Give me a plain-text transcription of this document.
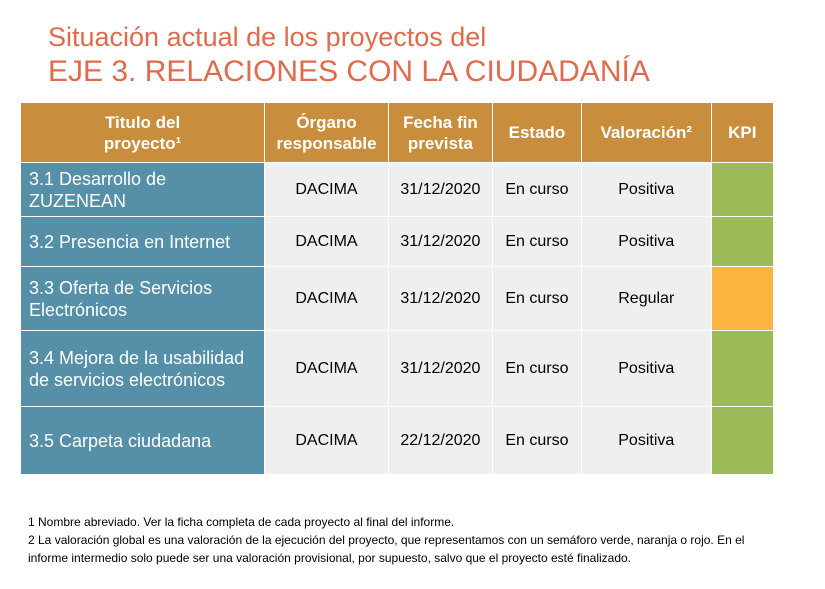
Situación actual de los proyectos del
EJE 3. RELACIONES CON LA CIUDADANÍA
Titulo del proyecto¹	Órgano responsable	Fecha fin prevista	Estado	Valoración²	KPI
3.1 Desarrollo de ZUZENEAN	DACIMA	31/12/2020	En curso	Positiva	
3.2 Presencia en Internet	DACIMA	31/12/2020	En curso	Positiva	
3.3 Oferta de Servicios Electrónicos	DACIMA	31/12/2020	En curso	Regular	
3.4 Mejora de la usabilidad de servicios electrónicos	DACIMA	31/12/2020	En curso	Positiva	
3.5 Carpeta ciudadana	DACIMA	22/12/2020	En curso	Positiva	

1 Nombre abreviado. Ver la ficha completa de cada proyecto al final del informe.

2 La valoración global es una valoración de la ejecución del proyecto, que representamos con un semáforo verde, naranja o rojo. En el informe intermedio solo puede ser una valoración provisional, por supuesto, salvo que el proyecto esté finalizado.
